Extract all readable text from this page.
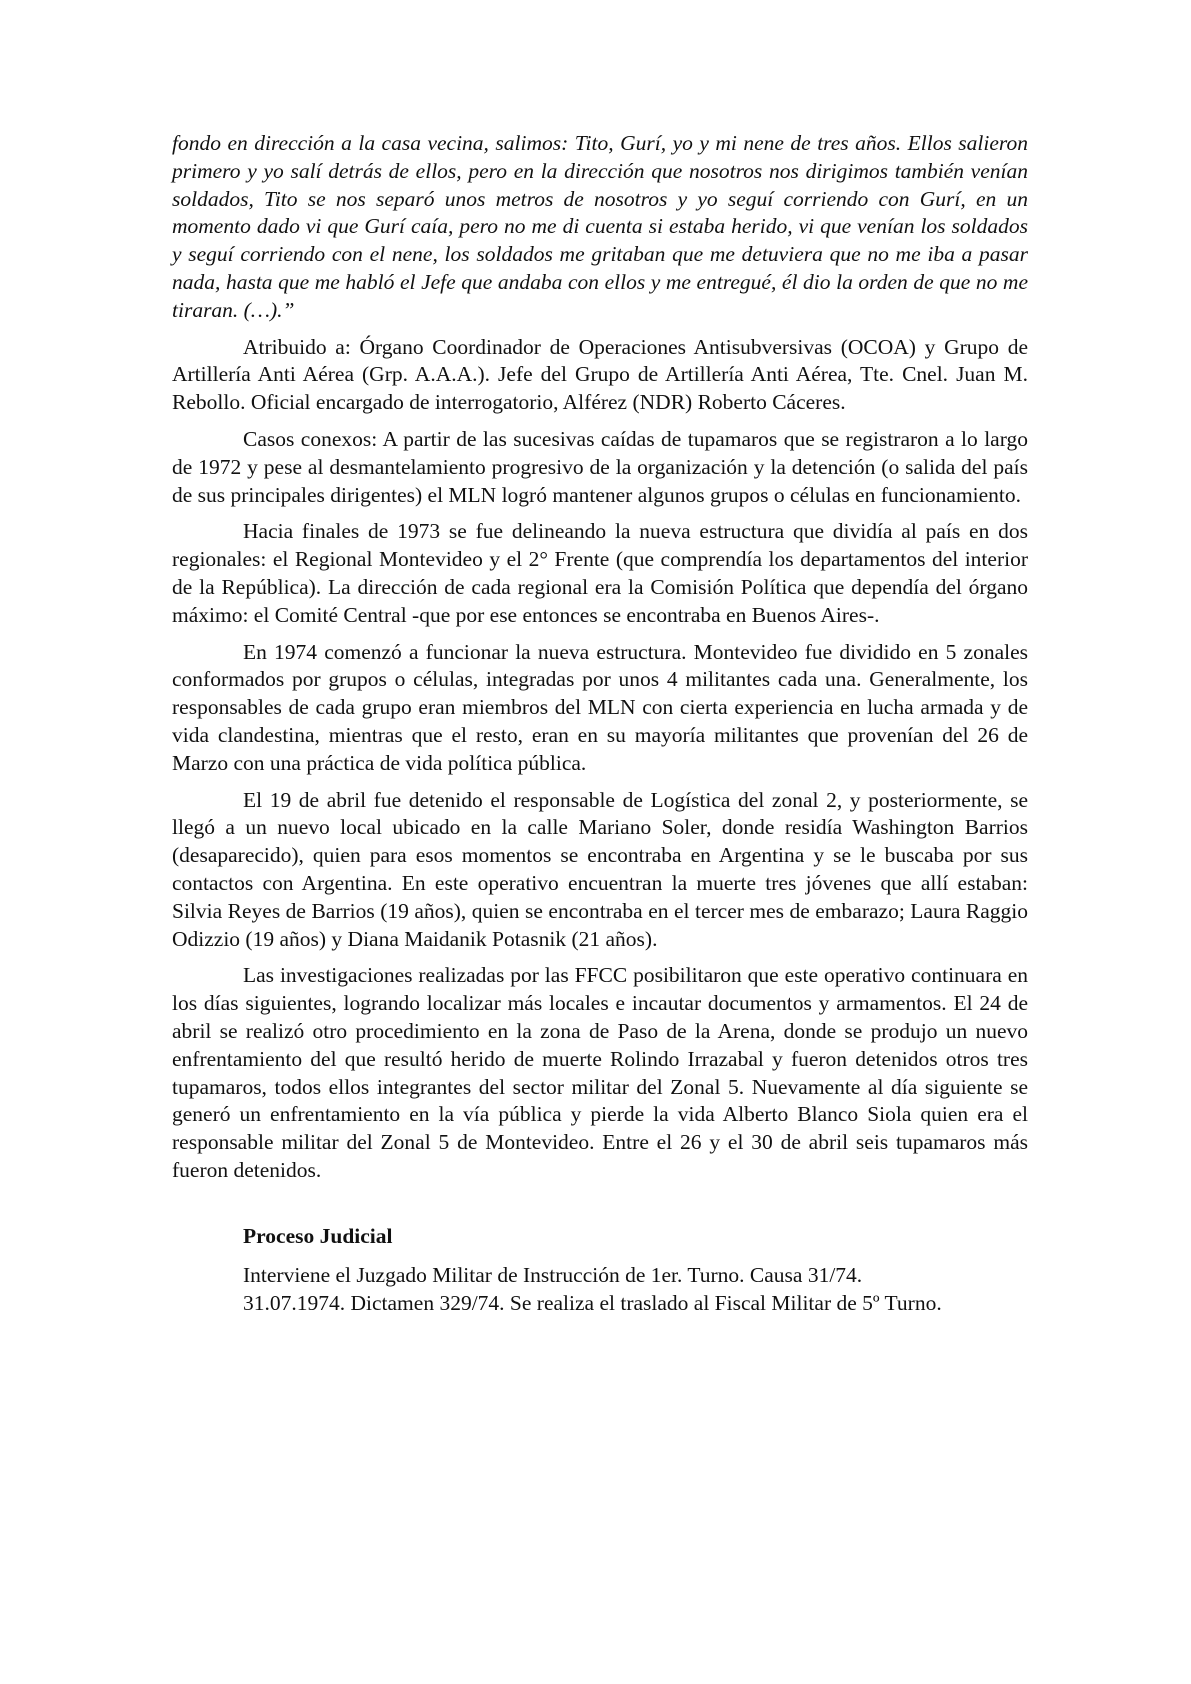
fondo en dirección a la casa vecina, salimos: Tito, Gurí, yo y mi nene de tres años. Ellos salieron primero y yo salí detrás de ellos, pero en la dirección que nosotros nos dirigimos también venían soldados, Tito se nos separó unos metros de nosotros y yo seguí corriendo con Gurí, en un momento dado vi que Gurí caía, pero no me di cuenta si estaba herido, vi que venían los soldados y seguí corriendo con el nene, los soldados me gritaban que me detuviera que no me iba a pasar nada, hasta que me habló el Jefe que andaba con ellos y me entregué, él dio la orden de que no me tiraran. (…).”

Atribuido a: Órgano Coordinador de Operaciones Antisubversivas (OCOA) y Grupo de Artillería Anti Aérea (Grp. A.A.A.). Jefe del Grupo de Artillería Anti Aérea, Tte. Cnel. Juan M. Rebollo. Oficial encargado de interrogatorio, Alférez (NDR) Roberto Cáceres.

Casos conexos: A partir de las sucesivas caídas de tupamaros que se registraron a lo largo de 1972 y pese al desmantelamiento progresivo de la organización y la detención (o salida del país de sus principales dirigentes) el MLN logró mantener algunos grupos o células en funcionamiento.

Hacia finales de 1973 se fue delineando la nueva estructura que dividía al país en dos regionales: el Regional Montevideo y el 2° Frente (que comprendía los departamentos del interior de la República). La dirección de cada regional era la Comisión Política que dependía del órgano máximo: el Comité Central -que por ese entonces se encontraba en Buenos Aires-.

En 1974 comenzó a funcionar la nueva estructura. Montevideo fue dividido en 5 zonales conformados por grupos o células, integradas por unos 4 militantes cada una. Generalmente, los responsables de cada grupo eran miembros del MLN con cierta experiencia en lucha armada y de vida clandestina, mientras que el resto, eran en su mayoría militantes que provenían del 26 de Marzo con una práctica de vida política pública.

El 19 de abril fue detenido el responsable de Logística del zonal 2, y posteriormente, se llegó a un nuevo local ubicado en la calle Mariano Soler, donde residía Washington Barrios (desaparecido), quien para esos momentos se encontraba en Argentina y se le buscaba por sus contactos con Argentina. En este operativo encuentran la muerte tres jóvenes que allí estaban: Silvia Reyes de Barrios (19 años), quien se encontraba en el tercer mes de embarazo; Laura Raggio Odizzio (19 años) y Diana Maidanik Potasnik (21 años).

Las investigaciones realizadas por las FFCC posibilitaron que este operativo continuara en los días siguientes, logrando localizar más locales e incautar documentos y armamentos. El 24 de abril se realizó otro procedimiento en la zona de Paso de la Arena, donde se produjo un nuevo enfrentamiento del que resultó herido de muerte Rolindo Irrazabal y fueron detenidos otros tres tupamaros, todos ellos integrantes del sector militar del Zonal 5. Nuevamente al día siguiente se generó un enfrentamiento en la vía pública y pierde la vida Alberto Blanco Siola quien era el responsable militar del Zonal 5 de Montevideo. Entre el 26 y el 30 de abril seis tupamaros más fueron detenidos.

Proceso Judicial

Interviene el Juzgado Militar de Instrucción de 1er. Turno. Causa 31/74.

31.07.1974. Dictamen 329/74. Se realiza el traslado al Fiscal Militar de 5º Turno.
